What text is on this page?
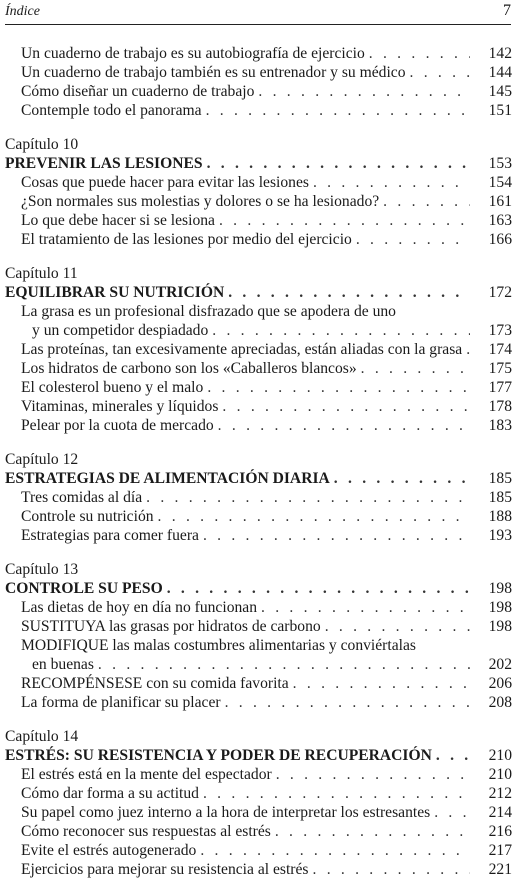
Índice	7
Un cuaderno de trabajo es su autobiografía de ejercicio . . .	142
Un cuaderno de trabajo también es su entrenador y su médico . . .	144
Cómo diseñar un cuaderno de trabajo . . .	145
Contemple todo el panorama . . .	151
Capítulo 10
PREVENIR LAS LESIONES . . .	153
Cosas que puede hacer para evitar las lesiones . . .	154
¿Son normales sus molestias y dolores o se ha lesionado? . . .	161
Lo que debe hacer si se lesiona . . .	163
El tratamiento de las lesiones por medio del ejercicio . . .	166
Capítulo 11
EQUILIBRAR SU NUTRICIÓN . . .	172
La grasa es un profesional disfrazado que se apodera de uno
y un competidor despiadado . . .	173
Las proteínas, tan excesivamente apreciadas, están aliadas con la grasa . . .	174
Los hidratos de carbono son los «Caballeros blancos» . . .	175
El colesterol bueno y el malo . . .	177
Vitaminas, minerales y líquidos . . .	178
Pelear por la cuota de mercado . . .	183
Capítulo 12
ESTRATEGIAS DE ALIMENTACIÓN DIARIA . . .	185
Tres comidas al día . . .	185
Controle su nutrición . . .	188
Estrategias para comer fuera . . .	193
Capítulo 13
CONTROLE SU PESO . . .	198
Las dietas de hoy en día no funcionan . . .	198
SUSTITUYA las grasas por hidratos de carbono . . .	198
MODIFIQUE las malas costumbres alimentarias y conviértalas
en buenas . . .	202
RECOMPÉNSESE con su comida favorita . . .	206
La forma de planificar su placer . . .	208
Capítulo 14
ESTRÉS: SU RESISTENCIA Y PODER DE RECUPERACIÓN . . .	210
El estrés está en la mente del espectador . . .	210
Cómo dar forma a su actitud . . .	212
Su papel como juez interno a la hora de interpretar los estresantes . . .	214
Cómo reconocer sus respuestas al estrés . . .	216
Evite el estrés autogenerado . . .	217
Ejercicios para mejorar su resistencia al estrés . . .	221
